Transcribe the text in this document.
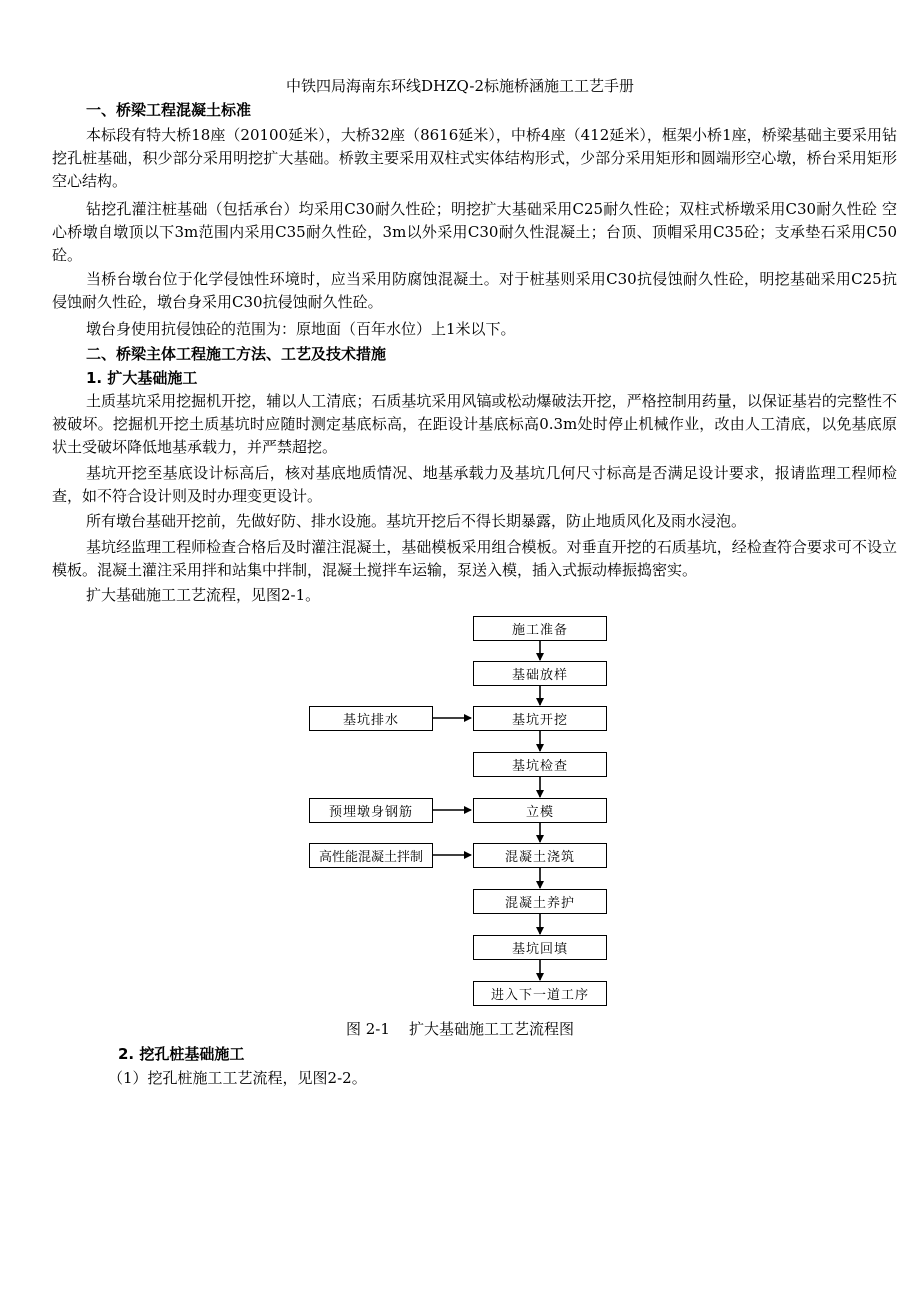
中铁四局海南东环线DHZQ-2标施桥涵施工工艺手册
一、桥梁工程混凝土标准

本标段有特大桥18座（20100延米），大桥32座（8616延米），中桥4座（412延米），框架小桥1座，桥梁基础主要采用钻挖孔桩基础，积少部分采用明挖扩大基础。桥敦主要采用双柱式实体结构形式，少部分采用矩形和圆端形空心墩，桥台采用矩形空心结构。

钻挖孔灌注桩基础（包括承台）均采用C30耐久性砼；明挖扩大基础采用C25耐久性砼；双柱式桥墩采用C30耐久性砼 空心桥墩自墩顶以下3m范围内采用C35耐久性砼，3m以外采用C30耐久性混凝土；台顶、顶帽采用C35砼；支承垫石采用C50砼。

当桥台墩台位于化学侵蚀性环境时，应当采用防腐蚀混凝土。对于桩基则采用C30抗侵蚀耐久性砼，明挖基础采用C25抗侵蚀耐久性砼，墩台身采用C30抗侵蚀耐久性砼。

墩台身使用抗侵蚀砼的范围为：原地面（百年水位）上1米以下。

二、桥梁主体工程施工方法、工艺及技术措施
1. 扩大基础施工

土质基坑采用挖掘机开挖，辅以人工清底；石质基坑采用风镐或松动爆破法开挖，严格控制用药量，以保证基岩的完整性不被破坏。挖掘机开挖土质基坑时应随时测定基底标高，在距设计基底标高0.3m处时停止机械作业，改由人工清底，以免基底原状土受破坏降低地基承载力，并严禁超挖。

基坑开挖至基底设计标高后，核对基底地质情况、地基承载力及基坑几何尺寸标高是否满足设计要求，报请监理工程师检查，如不符合设计则及时办理变更设计。

所有墩台基础开挖前，先做好防、排水设施。基坑开挖后不得长期暴露，防止地质风化及雨水浸泡。

基坑经监理工程师检查合格后及时灌注混凝土，基础模板采用组合模板。对垂直开挖的石质基坑，经检查符合要求可不设立模板。混凝土灌注采用拌和站集中拌制，混凝土搅拌车运输，泵送入模，插入式振动棒振捣密实。

扩大基础施工工艺流程，见图2-1。

施工准备
基础放样
基坑开挖
基坑检查
立模
混凝土浇筑
混凝土养护
基坑回填
进入下一道工序
基坑排水
预埋墩身钢筋
高性能混凝土拌制
图 2-1    扩大基础施工工艺流程图
2. 挖孔桩基础施工
（1）挖孔桩施工工艺流程，见图2-2。
